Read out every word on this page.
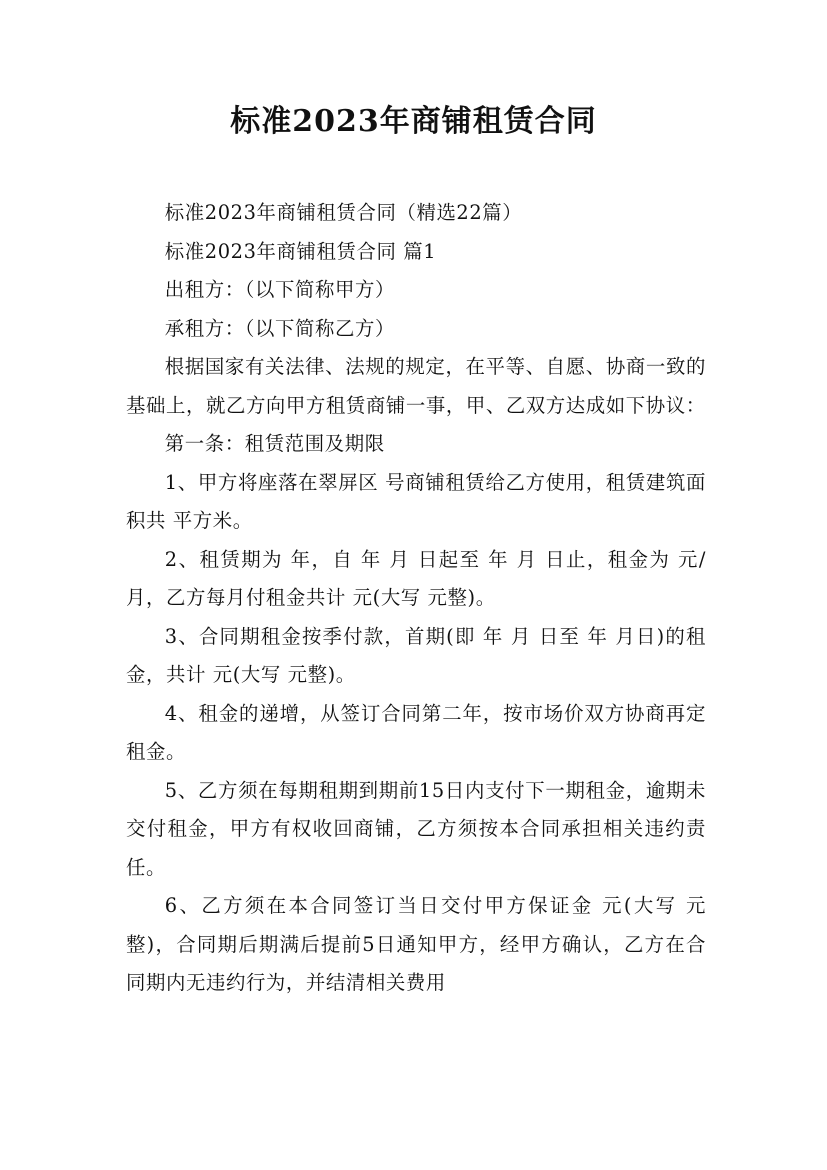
标准2023年商铺租赁合同

标准2023年商铺租赁合同（精选22篇）

标准2023年商铺租赁合同 篇1

出租方：（以下简称甲方）

承租方：（以下简称乙方）

根据国家有关法律、法规的规定，在平等、自愿、协商一致的基础上，就乙方向甲方租赁商铺一事，甲、乙双方达成如下协议：

第一条：租赁范围及期限

1、甲方将座落在翠屏区 号商铺租赁给乙方使用，租赁建筑面积共 平方米。

2、租赁期为 年，自 年 月 日起至 年 月 日止，租金为 元/月，乙方每月付租金共计 元(大写 元整)。

3、合同期租金按季付款，首期(即 年 月 日至 年 月日)的租金，共计 元(大写 元整)。

4、租金的递增，从签订合同第二年，按市场价双方协商再定租金。

5、乙方须在每期租期到期前15日内支付下一期租金，逾期未交付租金，甲方有权收回商铺，乙方须按本合同承担相关违约责任。

6、乙方须在本合同签订当日交付甲方保证金 元(大写 元整)，合同期后期满后提前5日通知甲方，经甲方确认，乙方在合同期内无违约行为，并结清相关费用
